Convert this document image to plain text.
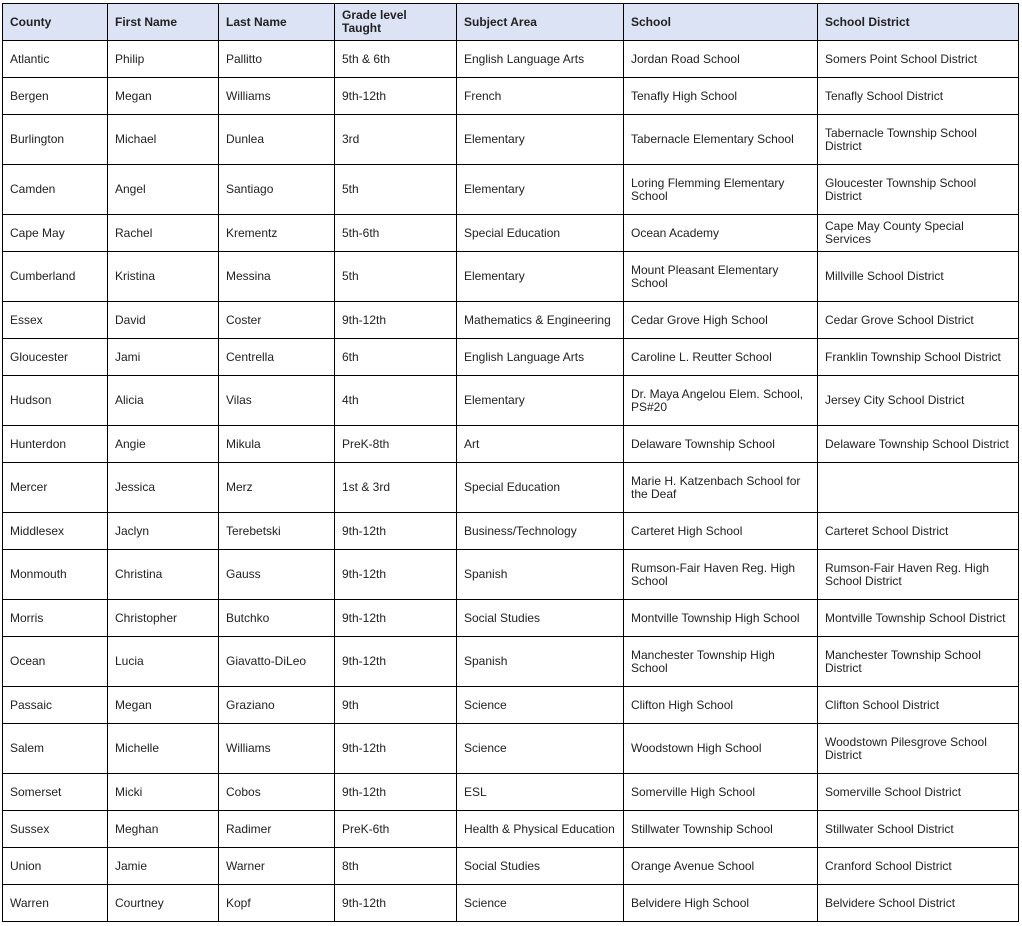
County	First Name	Last Name	Grade level Taught	Subject Area	School	School District
Atlantic	Philip	Pallitto	5th & 6th	English Language Arts	Jordan Road School	Somers Point School District
Bergen	Megan	Williams	9th-12th	French	Tenafly High School	Tenafly School District
Burlington	Michael	Dunlea	3rd	Elementary	Tabernacle Elementary School	Tabernacle Township School District
Camden	Angel	Santiago	5th	Elementary	Loring Flemming Elementary School	Gloucester Township School District
Cape May	Rachel	Krementz	5th-6th	Special Education	Ocean Academy	Cape May County Special Services
Cumberland	Kristina	Messina	5th	Elementary	Mount Pleasant Elementary School	Millville School District
Essex	David	Coster	9th-12th	Mathematics & Engineering	Cedar Grove High School	Cedar Grove School District
Gloucester	Jami	Centrella	6th	English Language Arts	Caroline L. Reutter School	Franklin Township School District
Hudson	Alicia	Vilas	4th	Elementary	Dr. Maya Angelou Elem. School, PS#20	Jersey City School District
Hunterdon	Angie	Mikula	PreK-8th	Art	Delaware Township School	Delaware Township School District
Mercer	Jessica	Merz	1st & 3rd	Special Education	Marie H. Katzenbach School for the Deaf	
Middlesex	Jaclyn	Terebetski	9th-12th	Business/Technology	Carteret High School	Carteret School District
Monmouth	Christina	Gauss	9th-12th	Spanish	Rumson-Fair Haven Reg. High School	Rumson-Fair Haven Reg. High School District
Morris	Christopher	Butchko	9th-12th	Social Studies	Montville Township High School	Montville Township School District
Ocean	Lucia	Giavatto-DiLeo	9th-12th	Spanish	Manchester Township High School	Manchester Township School District
Passaic	Megan	Graziano	9th	Science	Clifton High School	Clifton School District
Salem	Michelle	Williams	9th-12th	Science	Woodstown High School	Woodstown Pilesgrove School District
Somerset	Micki	Cobos	9th-12th	ESL	Somerville High School	Somerville School District
Sussex	Meghan	Radimer	PreK-6th	Health & Physical Education	Stillwater Township School	Stillwater School District
Union	Jamie	Warner	8th	Social Studies	Orange Avenue School	Cranford School District
Warren	Courtney	Kopf	9th-12th	Science	Belvidere High School	Belvidere School District
